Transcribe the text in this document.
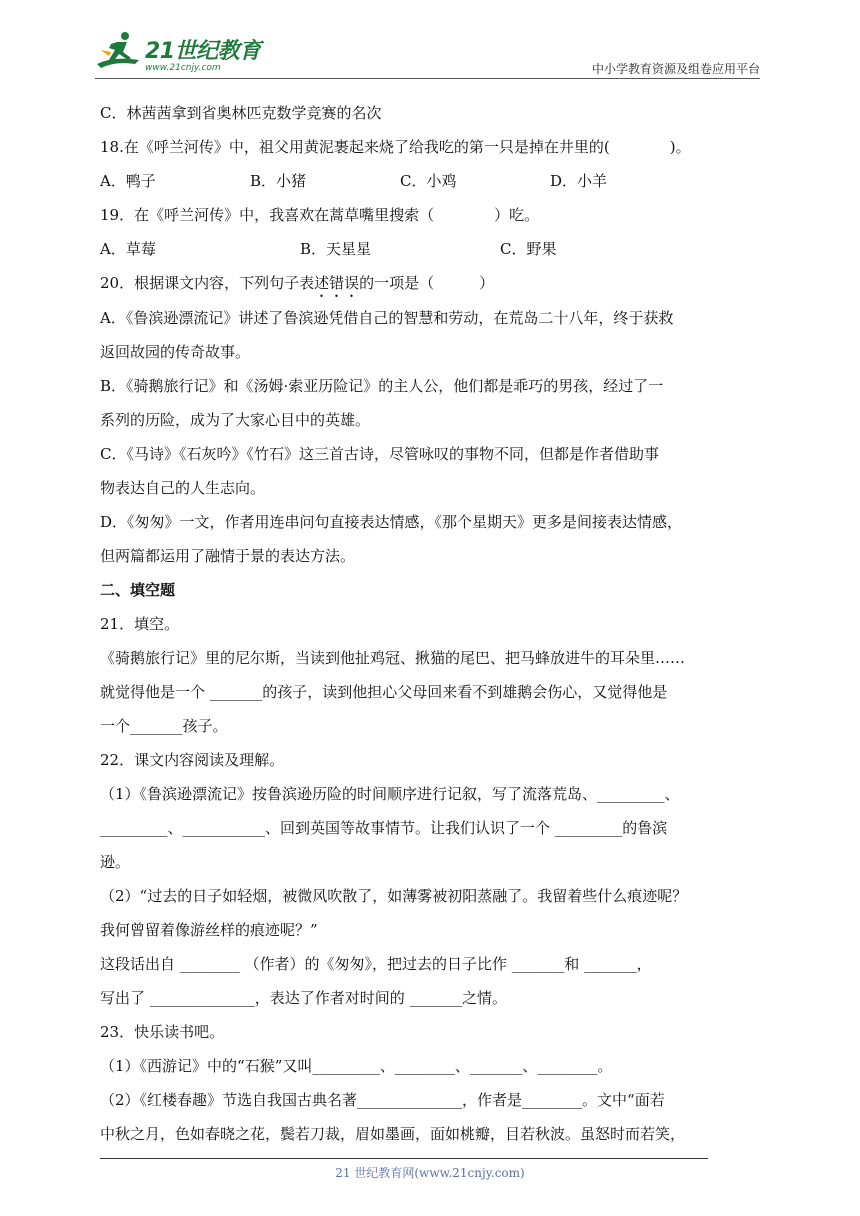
21世纪教育
www.21cnjy.com	中小学教育资源及组卷应用平台

C．林茜茜拿到省奥林匹克数学竞赛的名次

18.在《呼兰河传》中，祖父用黄泥裹起来烧了给我吃的第一只是掉在井里的(　　　　)。

A．鸭子	B．小猪	C．小鸡	D．小羊

19．在《呼兰河传》中，我喜欢在蒿草嘴里搜索（　　　　）吃。

A．草莓	B．天星星	C．野果

20．根据课文内容，下列句子表述错误的一项是（　　　）

A．《鲁滨逊漂流记》讲述了鲁滨逊凭借自己的智慧和劳动，在荒岛二十八年，终于获救

返回故园的传奇故事。

B．《骑鹅旅行记》和《汤姆·索亚历险记》的主人公，他们都是乖巧的男孩，经过了一

系列的历险，成为了大家心目中的英雄。

C．《马诗》《石灰吟》《竹石》这三首古诗，尽管咏叹的事物不同，但都是作者借助事

物表达自己的人生志向。

D．《匆匆》一文，作者用连串问句直接表达情感，《那个星期天》更多是间接表达情感，

但两篇都运用了融情于景的表达方法。

二、填空题

21．填空。

《骑鹅旅行记》里的尼尔斯，当读到他扯鸡冠、揪猫的尾巴、把马蜂放进牛的耳朵里……

就觉得他是一个 _______的孩子，读到他担心父母回来看不到雄鹅会伤心，又觉得他是

一个_______孩子。

22．课文内容阅读及理解。

（1）《鲁滨逊漂流记》按鲁滨逊历险的时间顺序进行记叙，写了流落荒岛、_________、

_________、___________、回到英国等故事情节。让我们认识了一个 _________的鲁滨

逊。

（2）“过去的日子如轻烟，被微风吹散了，如薄雾被初阳蒸融了。我留着些什么痕迹呢？

我何曾留着像游丝样的痕迹呢？”

这段话出自 ________ （作者）的《匆匆》，把过去的日子比作 _______和 _______，

写出了 ______________，表达了作者对时间的 _______之情。

23．快乐读书吧。

（1）《西游记》中的“石猴”又叫_________、________、_______、________。

（2）《红楼春趣》节选自我国古典名著______________，作者是________。文中“面若

中秋之月，色如春晓之花，鬓若刀裁，眉如墨画，面如桃瓣，目若秋波。虽怒时而若笑，

21 世纪教育网(www.21cnjy.com)
